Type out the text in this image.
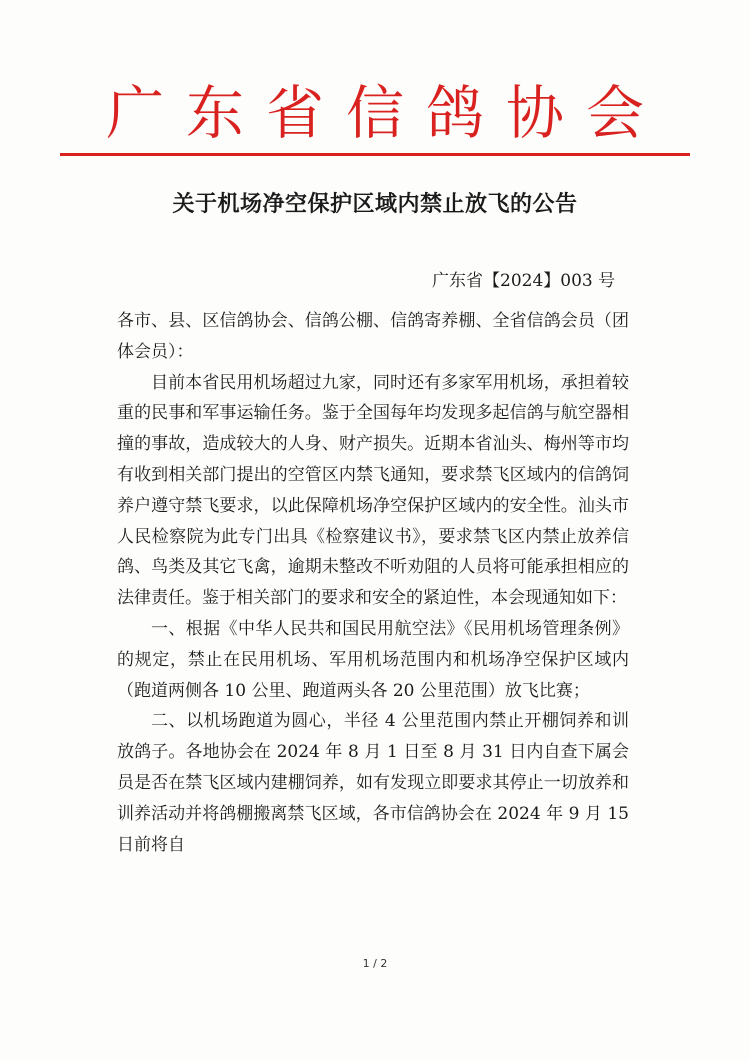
广东省信鸽协会
关于机场净空保护区域内禁止放飞的公告
广东省【2024】003 号

各市、县、区信鸽协会、信鸽公棚、信鸽寄养棚、全省信鸽会员（团体会员）：

目前本省民用机场超过九家，同时还有多家军用机场，承担着较重的民事和军事运输任务。鉴于全国每年均发现多起信鸽与航空器相撞的事故，造成较大的人身、财产损失。近期本省汕头、梅州等市均有收到相关部门提出的空管区内禁飞通知，要求禁飞区域内的信鸽饲养户遵守禁飞要求，以此保障机场净空保护区域内的安全性。汕头市人民检察院为此专门出具《检察建议书》，要求禁飞区内禁止放养信鸽、鸟类及其它飞禽，逾期未整改不听劝阻的人员将可能承担相应的法律责任。鉴于相关部门的要求和安全的紧迫性，本会现通知如下：

一、根据《中华人民共和国民用航空法》《民用机场管理条例》的规定，禁止在民用机场、军用机场范围内和机场净空保护区域内（跑道两侧各 10 公里、跑道两头各 20 公里范围）放飞比赛；

二、以机场跑道为圆心，半径 4 公里范围内禁止开棚饲养和训放鸽子。各地协会在 2024 年 8 月 1 日至 8 月 31 日内自查下属会员是否在禁飞区域内建棚饲养，如有发现立即要求其停止一切放养和训养活动并将鸽棚搬离禁飞区域，各市信鸽协会在 2024 年 9 月 15 日前将自

1 / 2
